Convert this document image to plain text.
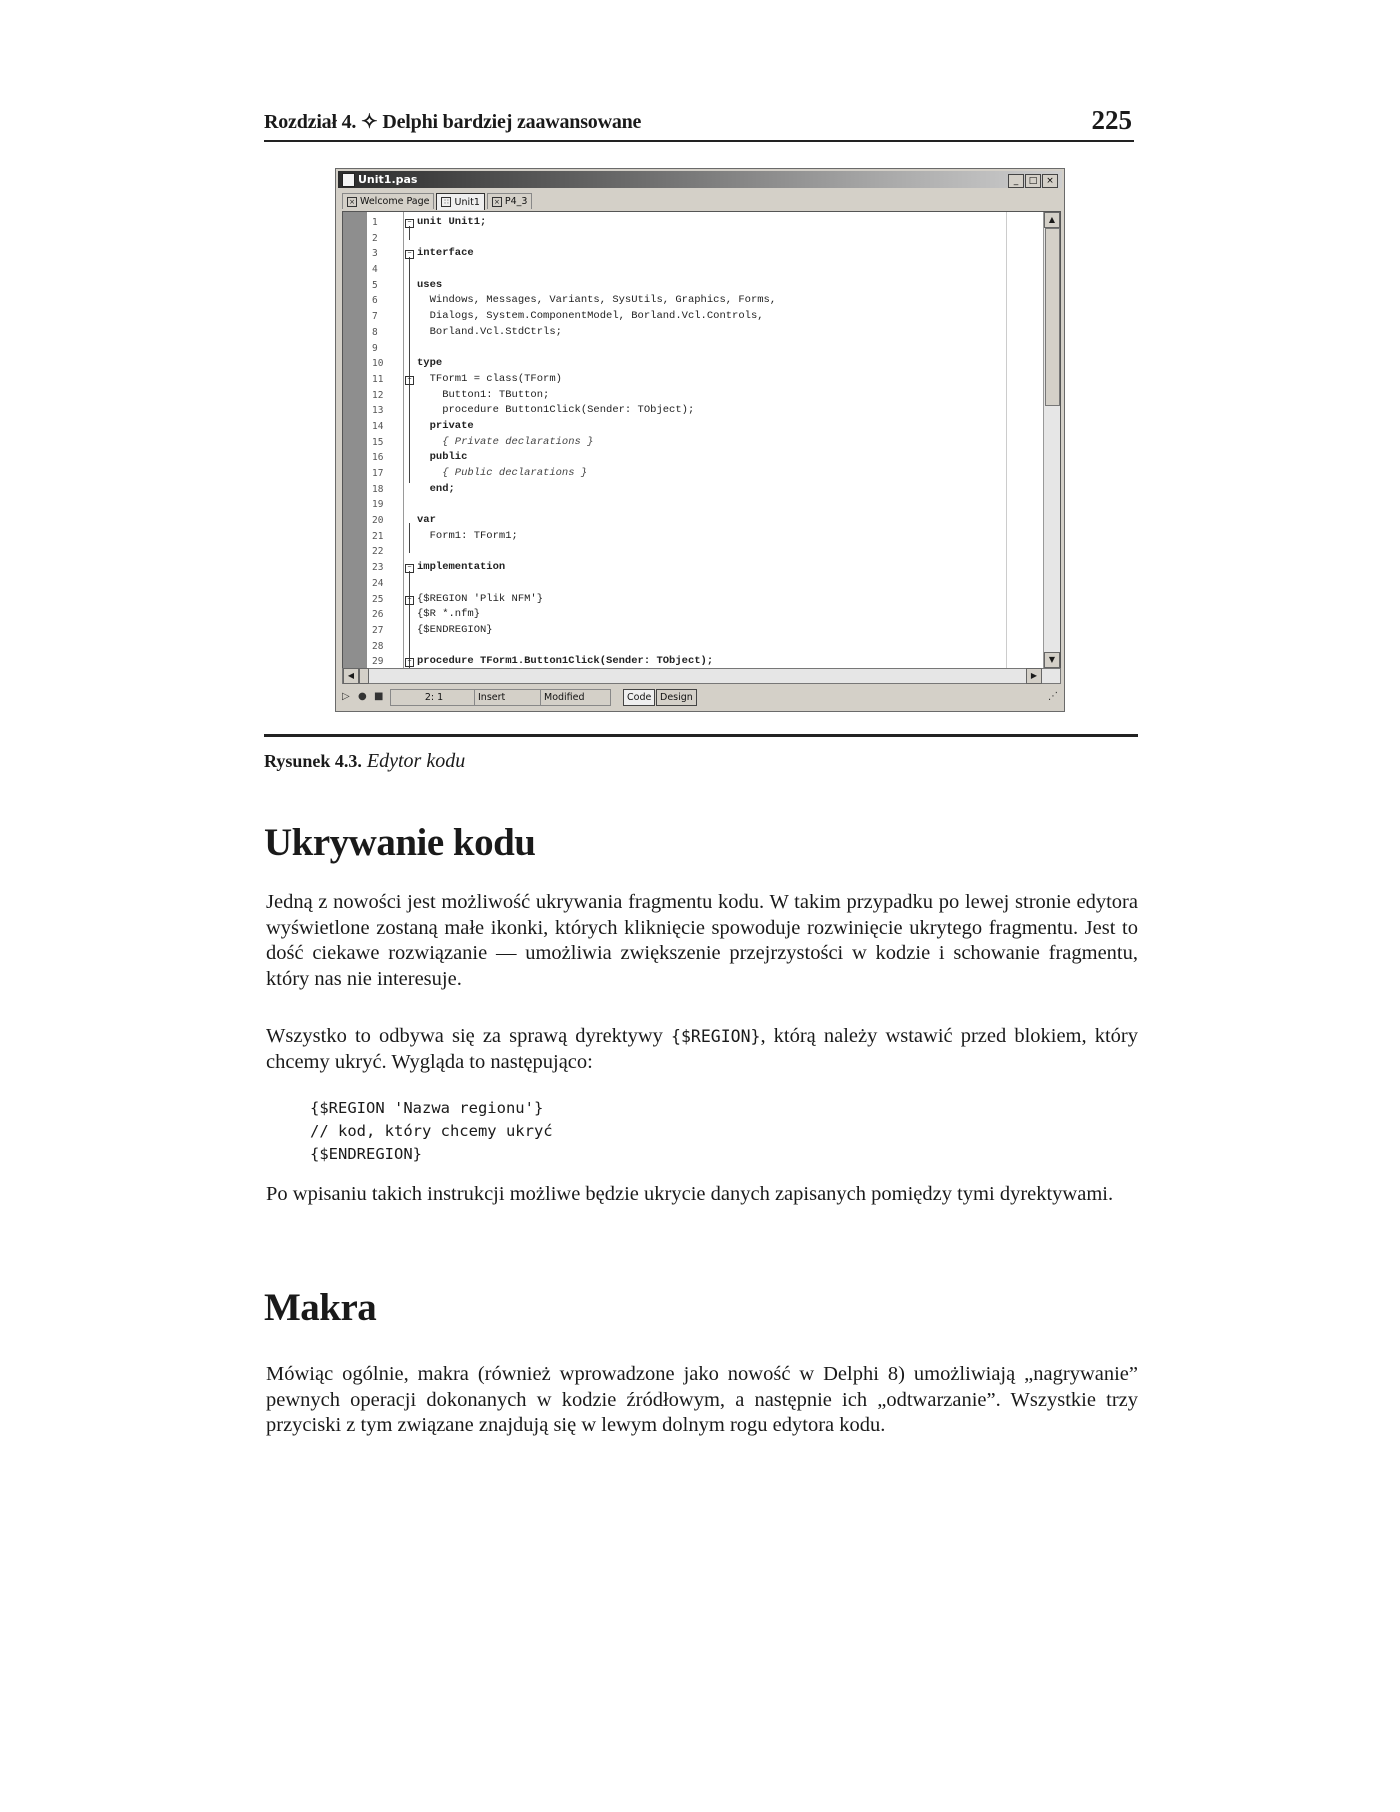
Rozdział 4. ✧ Delphi bardziej zaawansowane	225
Unit1.pas	_	□ ×
× Welcome Page	∷ Unit1 × P4_3
1
2
3
4
5
6
7
8
9
10
11
12
13
14
15
16
17
18
19
20
21
22
23
24
25
26
27
28
29
− unit Unit1;
− interface
uses
Windows, Messages, Variants, SysUtils, Graphics, Forms,
Dialogs, System.ComponentModel, Borland.Vcl.Controls,
Borland.Vcl.StdCtrls;
type
− TForm1 = class(TForm)
Button1: TButton;
procedure Button1Click(Sender: TObject);
private
{ Private declarations }
public
{ Public declarations }
end;
var
Form1: TForm1;
− implementation
− {$REGION 'Plik NFM'}
{$R *.nfm}
{$ENDREGION}
− procedure TForm1.Button1Click(Sender: TObject);
▲
▼
◀	▶
▷ ● ■	2: 1	Insert	Modified	Code Design	⋰
Rysunek 4.3. Edytor kodu
Ukrywanie kodu

Jedną z nowości jest możliwość ukrywania fragmentu kodu. W takim przypadku po lewej stronie edytora wyświetlone zostaną małe ikonki, których kliknięcie spowoduje rozwinięcie ukrytego fragmentu. Jest to dość ciekawe rozwiązanie — umożliwia zwiększenie przejrzystości w kodzie i schowanie fragmentu, który nas nie interesuje.

Wszystko to odbywa się za sprawą dyrektywy {$REGION}, którą należy wstawić przed blokiem, który chcemy ukryć. Wygląda to następująco:

{$REGION 'Nazwa regionu'}
// kod, który chcemy ukryć
{$ENDREGION}

Po wpisaniu takich instrukcji możliwe będzie ukrycie danych zapisanych pomiędzy tymi dyrektywami.

Makra

Mówiąc ogólnie, makra (również wprowadzone jako nowość w Delphi 8) umożliwiają „nagrywanie” pewnych operacji dokonanych w kodzie źródłowym, a następnie ich „odtwarzanie”. Wszystkie trzy przyciski z tym związane znajdują się w lewym dolnym rogu edytora kodu.
